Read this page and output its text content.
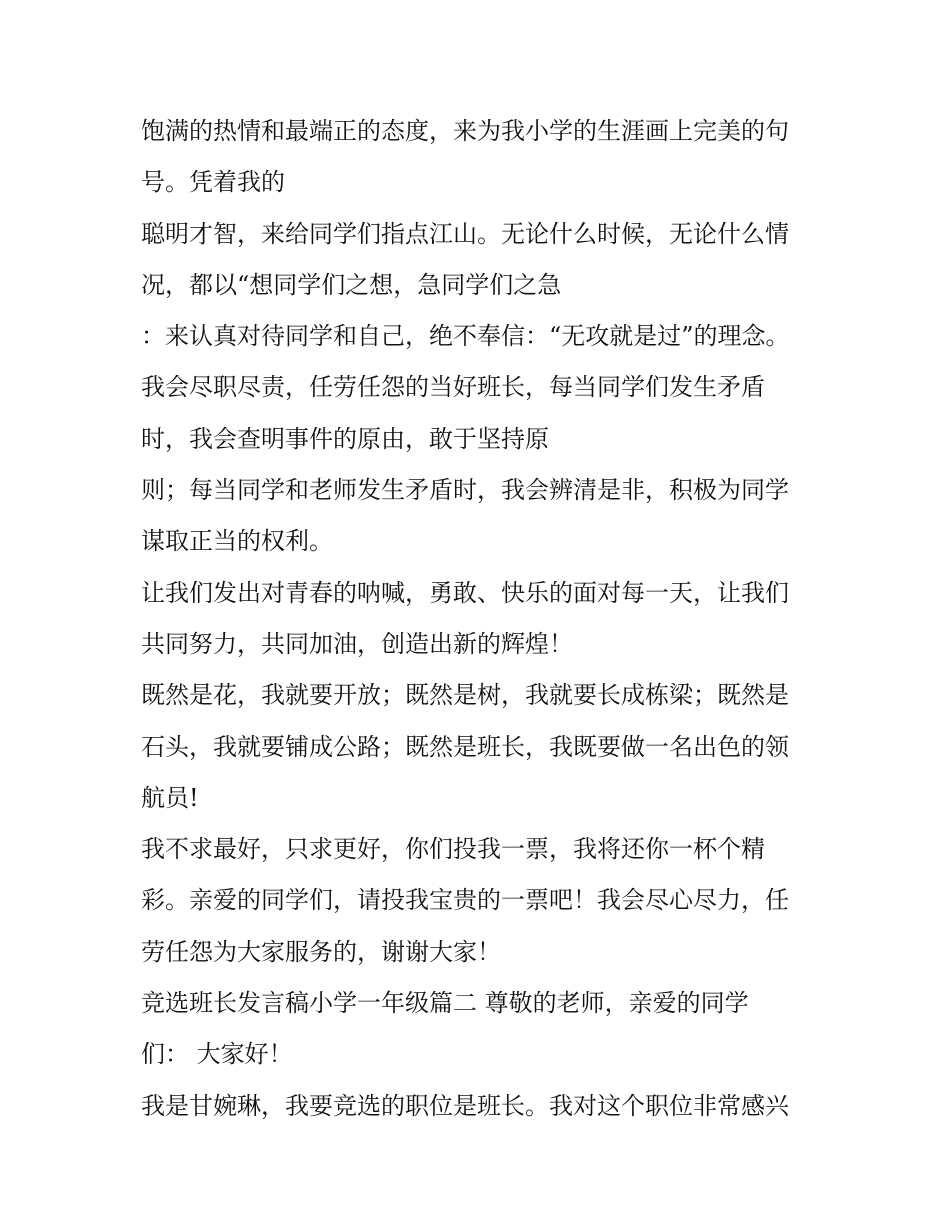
饱满的热情和最端正的态度，来为我小学的生涯画上完美的句
号。凭着我的
聪明才智，来给同学们指点江山。无论什么时候，无论什么情
况，都以“想同学们之想，急同学们之急
：来认真对待同学和自己，绝不奉信：“无攻就是过”的理念。
我会尽职尽责，任劳任怨的当好班长，每当同学们发生矛盾
时，我会查明事件的原由，敢于坚持原
则；每当同学和老师发生矛盾时，我会辨清是非，积极为同学
谋取正当的权利。
让我们发出对青春的呐喊，勇敢、快乐的面对每一天，让我们
共同努力，共同加油，创造出新的辉煌！
既然是花，我就要开放；既然是树，我就要长成栋梁；既然是
石头，我就要铺成公路；既然是班长，我既要做一名出色的领
航员!
我不求最好，只求更好，你们投我一票，我将还你一杯个精
彩。亲爱的同学们，请投我宝贵的一票吧！我会尽心尽力，任
劳任怨为大家服务的，谢谢大家！
竞选班长发言稿小学一年级篇二 尊敬的老师，亲爱的同学
们： 大家好！
我是甘婉琳，我要竞选的职位是班长。我对这个职位非常感兴
